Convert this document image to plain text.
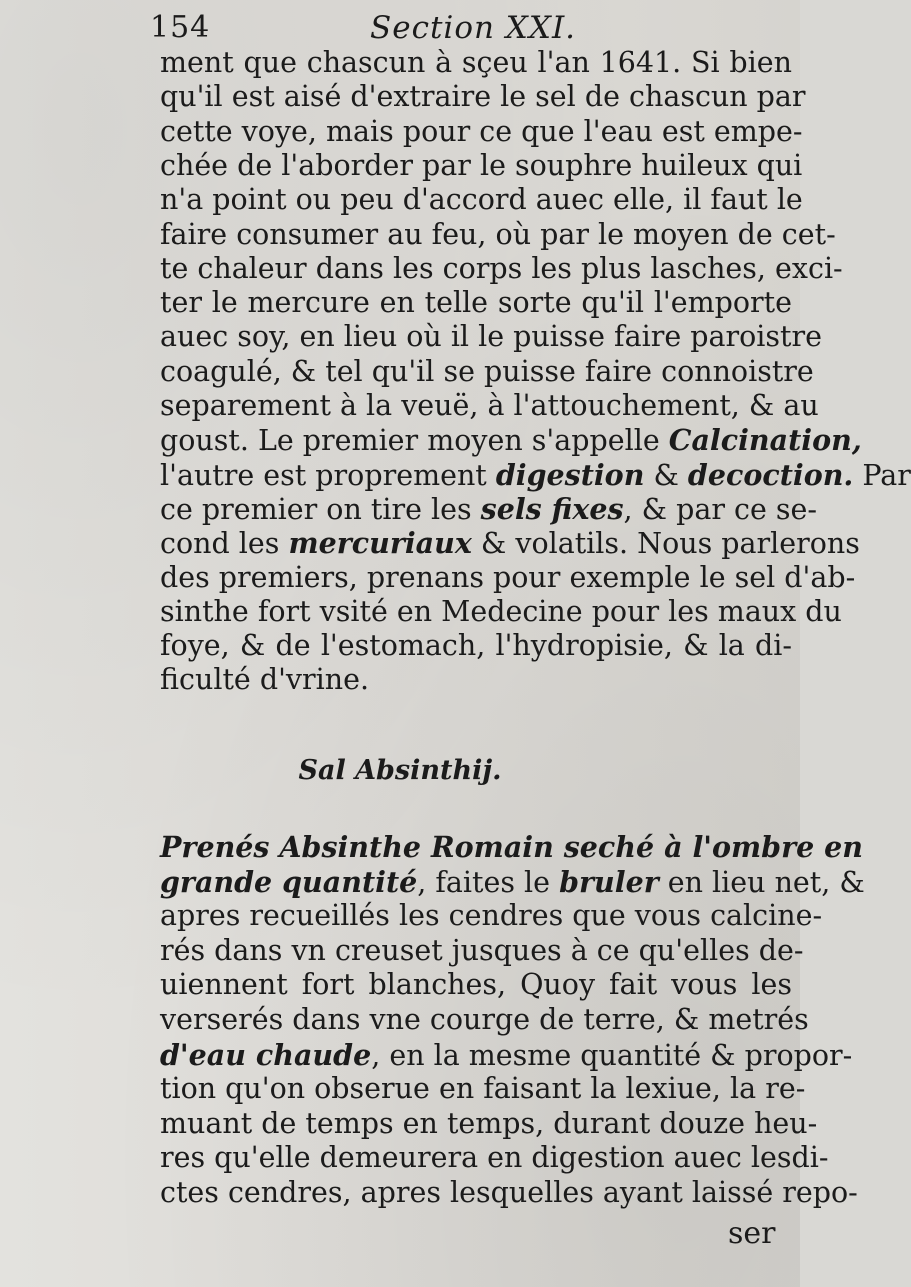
154	Section XXI.
ment que chascun à sçeu l'an 1641. Si bien
qu'il est aisé d'extraire le sel de chascun par
cette voye, mais pour ce que l'eau est empe-
chée de l'aborder par le souphre huileux qui
n'a point ou peu d'accord auec elle, il faut le
faire consumer au feu, où par le moyen de cet-
te chaleur dans les corps les plus lasches, exci-
ter le mercure en telle sorte qu'il l'emporte
auec soy, en lieu où il le puisse faire paroistre
coagulé, & tel qu'il se puisse faire connoistre
separement à la veuë, à l'attouchement, & au
goust. Le premier moyen s'appelle Calcination,
l'autre est proprement digestion & decoction. Par
ce premier on tire les sels fixes, & par ce se-
cond les mercuriaux & volatils. Nous parlerons
des premiers, prenans pour exemple le sel d'ab-
sinthe fort vsité en Medecine pour les maux du
foye, & de l'estomach, l'hydropisie, & la di-
ficulté d'vrine.
Sal Absinthij.
Prenés Absinthe Romain seché à l'ombre en
grande quantité, faites le bruler en lieu net, &
apres recueillés les cendres que vous calcine-
rés dans vn creuset jusques à ce qu'elles de-
uiennent fort blanches, Quoy fait vous les
verserés dans vne courge de terre, & metrés
d'eau chaude, en la mesme quantité & propor-
tion qu'on obserue en faisant la lexiue, la re-
muant de temps en temps, durant douze heu-
res qu'elle demeurera en digestion auec lesdi-
ctes cendres, apres lesquelles ayant laissé repo-
ser
